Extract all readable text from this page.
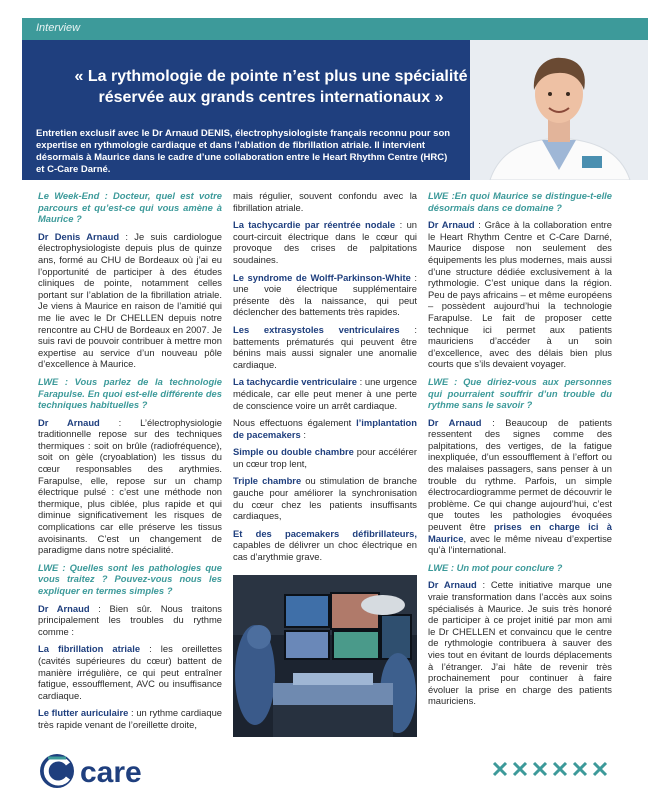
Interview
« La rythmologie de pointe n’est plus une spécialité
réservée aux grands centres internationaux »
Entretien exclusif avec le Dr Arnaud DENIS, électrophysiologiste français reconnu pour son expertise en rythmologie cardiaque et dans l’ablation de fibrillation atriale. Il intervient désormais à Maurice dans le cadre d’une collaboration entre le Heart Rhythm Centre (HRC) et C-Care Darné.

Le Week-End : Docteur, quel est votre parcours et qu’est-ce qui vous amène à Maurice ?

Dr Denis Arnaud : Je suis cardiologue électrophysiologiste depuis plus de quinze ans, formé au CHU de Bordeaux où j’ai eu l’opportunité de participer à des études cliniques de pointe, notamment celles portant sur l’ablation de la fibrillation atriale. Je viens à Maurice en raison de l’amitié qui me lie avec le Dr CHELLEN depuis notre rencontre au CHU de Bordeaux en 2007. Je suis ravi de pouvoir contribuer à mettre mon expertise au service d’un nouveau pôle d’excellence à Maurice.

LWE : Vous parlez de la technologie Farapulse. En quoi est-elle différente des techniques habituelles ?

Dr Arnaud : L’électrophysiologie traditionnelle repose sur des techniques thermiques : soit on brûle (radiofréquence), soit on gèle (cryoablation) les tissus du cœur responsables des arythmies. Farapulse, elle, repose sur un champ électrique pulsé : c’est une méthode non thermique, plus ciblée, plus rapide et qui diminue significativement les risques de complications car elle préserve les tissus avoisinants. C’est un changement de paradigme dans notre spécialité.

LWE : Quelles sont les pathologies que vous traitez ? Pouvez-vous nous les expliquer en termes simples ?

Dr Arnaud : Bien sûr. Nous traitons principalement les troubles du rythme comme :

La fibrillation atriale : les oreillettes (cavités supérieures du cœur) battent de manière irrégulière, ce qui peut entraîner fatigue, essoufflement, AVC ou insuffisance cardiaque.

Le flutter auriculaire : un rythme cardiaque très rapide venant de l’oreillette droite,

mais régulier, souvent confondu avec la fibrillation atriale.

La tachycardie par réentrée nodale : un court-circuit électrique dans le cœur qui provoque des crises de palpitations soudaines.

Le syndrome de Wolff-Parkinson-White : une voie électrique supplémentaire présente dès la naissance, qui peut déclencher des battements très rapides.

Les extrasystoles ventriculaires : battements prématurés qui peuvent être bénins mais aussi signaler une anomalie cardiaque.

La tachycardie ventriculaire : une urgence médicale, car elle peut mener à une perte de conscience voire un arrêt cardiaque.

Nous effectuons également l’implantation de pacemakers :

Simple ou double chambre pour accélérer un cœur trop lent,

Triple chambre ou stimulation de branche gauche pour améliorer la synchronisation du cœur chez les patients insuffisants cardiaques,

Et des pacemakers défibrillateurs, capables de délivrer un choc électrique en cas d’arythmie grave.

LWE :En quoi Maurice se distingue-t-elle désormais dans ce domaine ?

Dr Arnaud : Grâce à la collaboration entre le Heart Rhythm Centre et C-Care Darné, Maurice dispose non seulement des équipements les plus modernes, mais aussi d’une structure dédiée exclusivement à la rythmologie. C’est unique dans la région. Peu de pays africains – et même européens – possèdent aujourd’hui la technologie Farapulse. Le fait de proposer cette technique ici permet aux patients mauriciens d’accéder à un soin d’excellence, avec des délais bien plus courts que s’ils devaient voyager.

LWE : Que diriez-vous aux personnes qui pourraient souffrir d’un trouble du rythme sans le savoir ?

Dr Arnaud : Beaucoup de patients ressentent des signes comme des palpitations, des vertiges, de la fatigue inexpliquée, d’un essoufflement à l’effort ou des malaises passagers, sans penser à un trouble du rythme. Parfois, un simple électrocardiogramme permet de découvrir le problème. Ce qui change aujourd’hui, c’est que toutes les pathologies évoquées peuvent être prises en charge ici à Maurice, avec le même niveau d’expertise qu’à l’international.

LWE : Un mot pour conclure ?

Dr Arnaud : Cette initiative marque une vraie transformation dans l’accès aux soins spécialisés à Maurice. Je suis très honoré de participer à ce projet initié par mon ami le Dr CHELLEN et convaincu que le centre de rythmologie contribuera à sauver des vies tout en évitant de lourds déplacements à l’étranger. J’ai hâte de revenir très prochainement pour continuer à faire évoluer la prise en charge des patients mauriciens.

care
